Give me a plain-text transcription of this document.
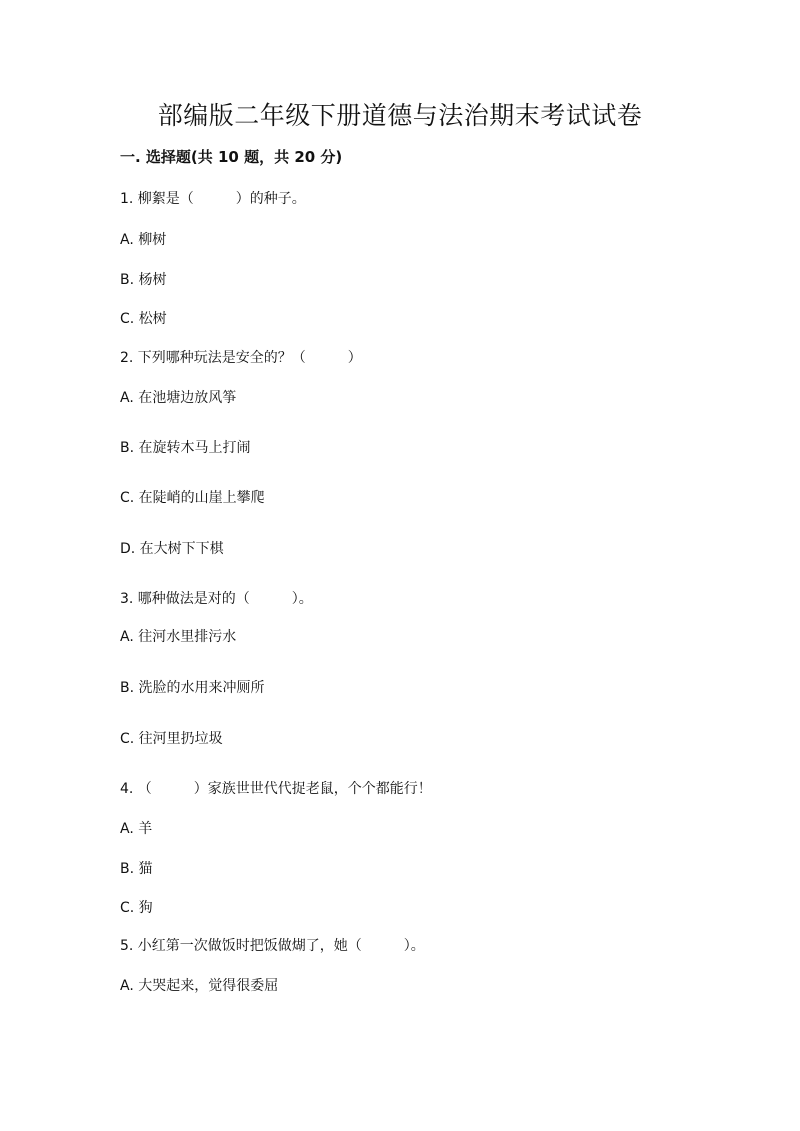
部编版二年级下册道德与法治期末考试试卷
一. 选择题(共 10 题，共 20 分)

1. 柳絮是（　　　）的种子。

A. 柳树

B. 杨树

C. 松树

2. 下列哪种玩法是安全的？（　　　）

A. 在池塘边放风筝

B. 在旋转木马上打闹

C. 在陡峭的山崖上攀爬

D. 在大树下下棋

3. 哪种做法是对的（　　　）。

A. 往河水里排污水

B. 洗脸的水用来冲厕所

C. 往河里扔垃圾

4. （　　　）家族世世代代捉老鼠，个个都能行！

A. 羊

B. 猫

C. 狗

5. 小红第一次做饭时把饭做煳了，她（　　　）。

A. 大哭起来，觉得很委屈
